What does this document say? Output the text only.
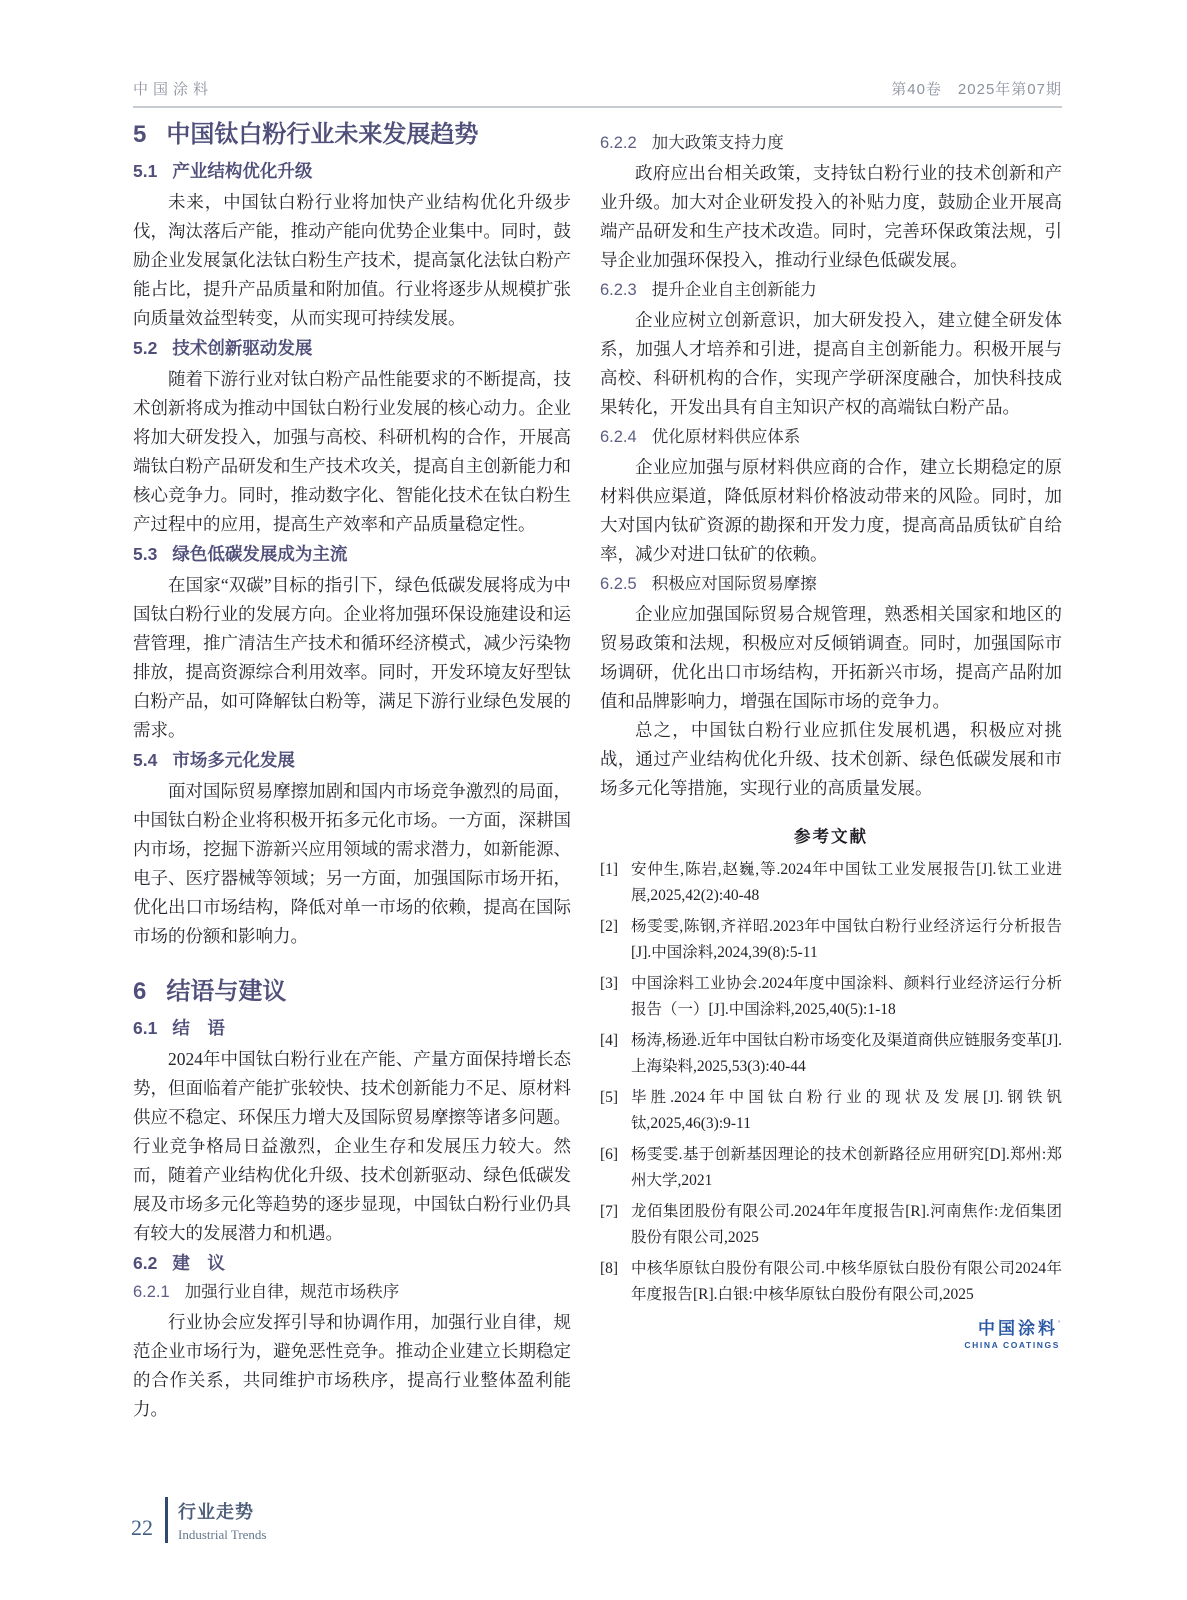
中国涂料	第40卷　2025年第07期
5 中国钛白粉行业未来发展趋势
5.1 产业结构优化升级

未来，中国钛白粉行业将加快产业结构优化升级步伐，淘汰落后产能，推动产能向优势企业集中。同时，鼓励企业发展氯化法钛白粉生产技术，提高氯化法钛白粉产能占比，提升产品质量和附加值。行业将逐步从规模扩张向质量效益型转变，从而实现可持续发展。

5.2 技术创新驱动发展

随着下游行业对钛白粉产品性能要求的不断提高，技术创新将成为推动中国钛白粉行业发展的核心动力。企业将加大研发投入，加强与高校、科研机构的合作，开展高端钛白粉产品研发和生产技术攻关，提高自主创新能力和核心竞争力。同时，推动数字化、智能化技术在钛白粉生产过程中的应用，提高生产效率和产品质量稳定性。

5.3 绿色低碳发展成为主流

在国家“双碳”目标的指引下，绿色低碳发展将成为中国钛白粉行业的发展方向。企业将加强环保设施建设和运营管理，推广清洁生产技术和循环经济模式，减少污染物排放，提高资源综合利用效率。同时，开发环境友好型钛白粉产品，如可降解钛白粉等，满足下游行业绿色发展的需求。

5.4 市场多元化发展

面对国际贸易摩擦加剧和国内市场竞争激烈的局面，中国钛白粉企业将积极开拓多元化市场。一方面，深耕国内市场，挖掘下游新兴应用领域的需求潜力，如新能源、电子、医疗器械等领域；另一方面，加强国际市场开拓，优化出口市场结构，降低对单一市场的依赖，提高在国际市场的份额和影响力。

6 结语与建议
6.1 结　语

2024年中国钛白粉行业在产能、产量方面保持增长态势，但面临着产能扩张较快、技术创新能力不足、原材料供应不稳定、环保压力增大及国际贸易摩擦等诸多问题。行业竞争格局日益激烈，企业生存和发展压力较大。然而，随着产业结构优化升级、技术创新驱动、绿色低碳发展及市场多元化等趋势的逐步显现，中国钛白粉行业仍具有较大的发展潜力和机遇。

6.2 建　议
6.2.1 加强行业自律，规范市场秩序

行业协会应发挥引导和协调作用，加强行业自律，规范企业市场行为，避免恶性竞争。推动企业建立长期稳定的合作关系，共同维护市场秩序，提高行业整体盈利能力。

6.2.2 加大政策支持力度

政府应出台相关政策，支持钛白粉行业的技术创新和产业升级。加大对企业研发投入的补贴力度，鼓励企业开展高端产品研发和生产技术改造。同时，完善环保政策法规，引导企业加强环保投入，推动行业绿色低碳发展。

6.2.3 提升企业自主创新能力

企业应树立创新意识，加大研发投入，建立健全研发体系，加强人才培养和引进，提高自主创新能力。积极开展与高校、科研机构的合作，实现产学研深度融合，加快科技成果转化，开发出具有自主知识产权的高端钛白粉产品。

6.2.4 优化原材料供应体系

企业应加强与原材料供应商的合作，建立长期稳定的原材料供应渠道，降低原材料价格波动带来的风险。同时，加大对国内钛矿资源的勘探和开发力度，提高高品质钛矿自给率，减少对进口钛矿的依赖。

6.2.5 积极应对国际贸易摩擦

企业应加强国际贸易合规管理，熟悉相关国家和地区的贸易政策和法规，积极应对反倾销调查。同时，加强国际市场调研，优化出口市场结构，开拓新兴市场，提高产品附加值和品牌影响力，增强在国际市场的竞争力。

总之，中国钛白粉行业应抓住发展机遇，积极应对挑战，通过产业结构优化升级、技术创新、绿色低碳发展和市场多元化等措施，实现行业的高质量发展。

参考文献
[1] 安仲生,陈岩,赵巍,等.2024年中国钛工业发展报告[J].钛工业进展,2025,42(2):40-48
[2] 杨雯雯,陈钢,齐祥昭.2023年中国钛白粉行业经济运行分析报告[J].中国涂料,2024,39(8):5-11
[3] 中国涂料工业协会.2024年度中国涂料、颜料行业经济运行分析报告（一）[J].中国涂料,2025,40(5):1-18
[4] 杨涛,杨逊.近年中国钛白粉市场变化及渠道商供应链服务变革[J].上海染料,2025,53(3):40-44
[5] 毕胜.2024年中国钛白粉行业的现状及发展[J].钢铁钒钛,2025,46(3):9-11
[6] 杨雯雯.基于创新基因理论的技术创新路径应用研究[D].郑州:郑州大学,2021
[7] 龙佰集团股份有限公司.2024年年度报告[R].河南焦作:龙佰集团股份有限公司,2025
[8] 中核华原钛白股份有限公司.中核华原钛白股份有限公司2024年年度报告[R].白银:中核华原钛白股份有限公司,2025
中国涂料’
CHINA COATINGS
22
行业走势
Industrial Trends
